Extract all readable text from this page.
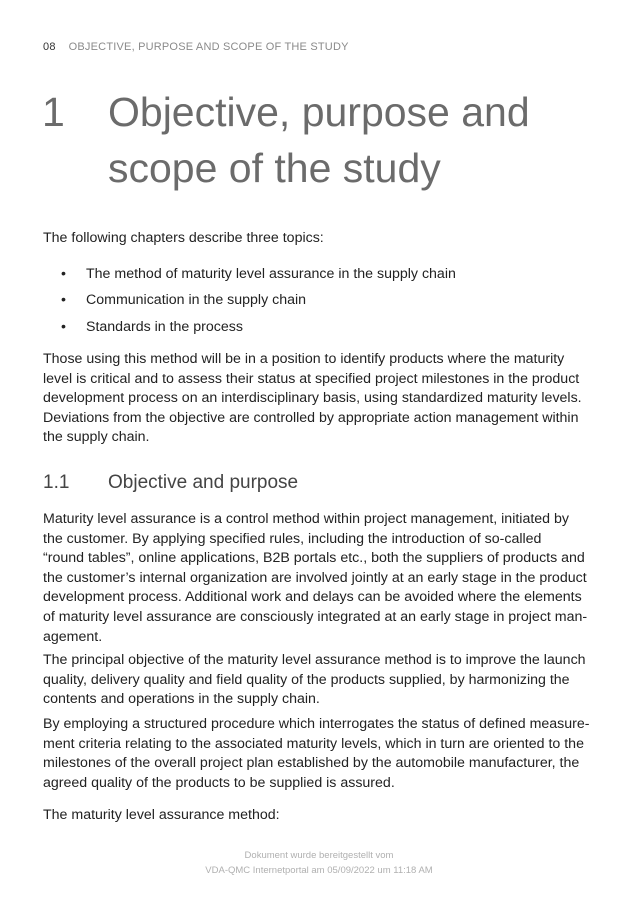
08 OBJECTIVE, PURPOSE AND SCOPE OF THE STUDY
1 Objective, purpose and
scope of the study
The following chapters describe three topics:
• The method of maturity level assurance in the supply chain
• Communication in the supply chain
• Standards in the process
Those using this method will be in a position to identify products where the maturity
level is critical and to assess their status at specified project milestones in the product
development process on an interdisciplinary basis, using standardized maturity levels.
Deviations from the objective are controlled by appropriate action management within
the supply chain.
1.1 Objective and purpose
Maturity level assurance is a control method within project management, initiated by
the customer. By applying specified rules, including the introduction of so-called
“round tables”, online applications, B2B portals etc., both the suppliers of products and
the customer’s internal organization are involved jointly at an early stage in the product
development process. Additional work and delays can be avoided where the elements
of maturity level assurance are consciously integrated at an early stage in project man-
agement.
The principal objective of the maturity level assurance method is to improve the launch
quality, delivery quality and field quality of the products supplied, by harmonizing the
contents and operations in the supply chain.
By employing a structured procedure which interrogates the status of defined measure-
ment criteria relating to the associated maturity levels, which in turn are oriented to the
milestones of the overall project plan established by the automobile manufacturer, the
agreed quality of the products to be supplied is assured.
The maturity level assurance method:
Dokument wurde bereitgestellt vom
VDA-QMC Internetportal am 05/09/2022 um 11:18 AM
